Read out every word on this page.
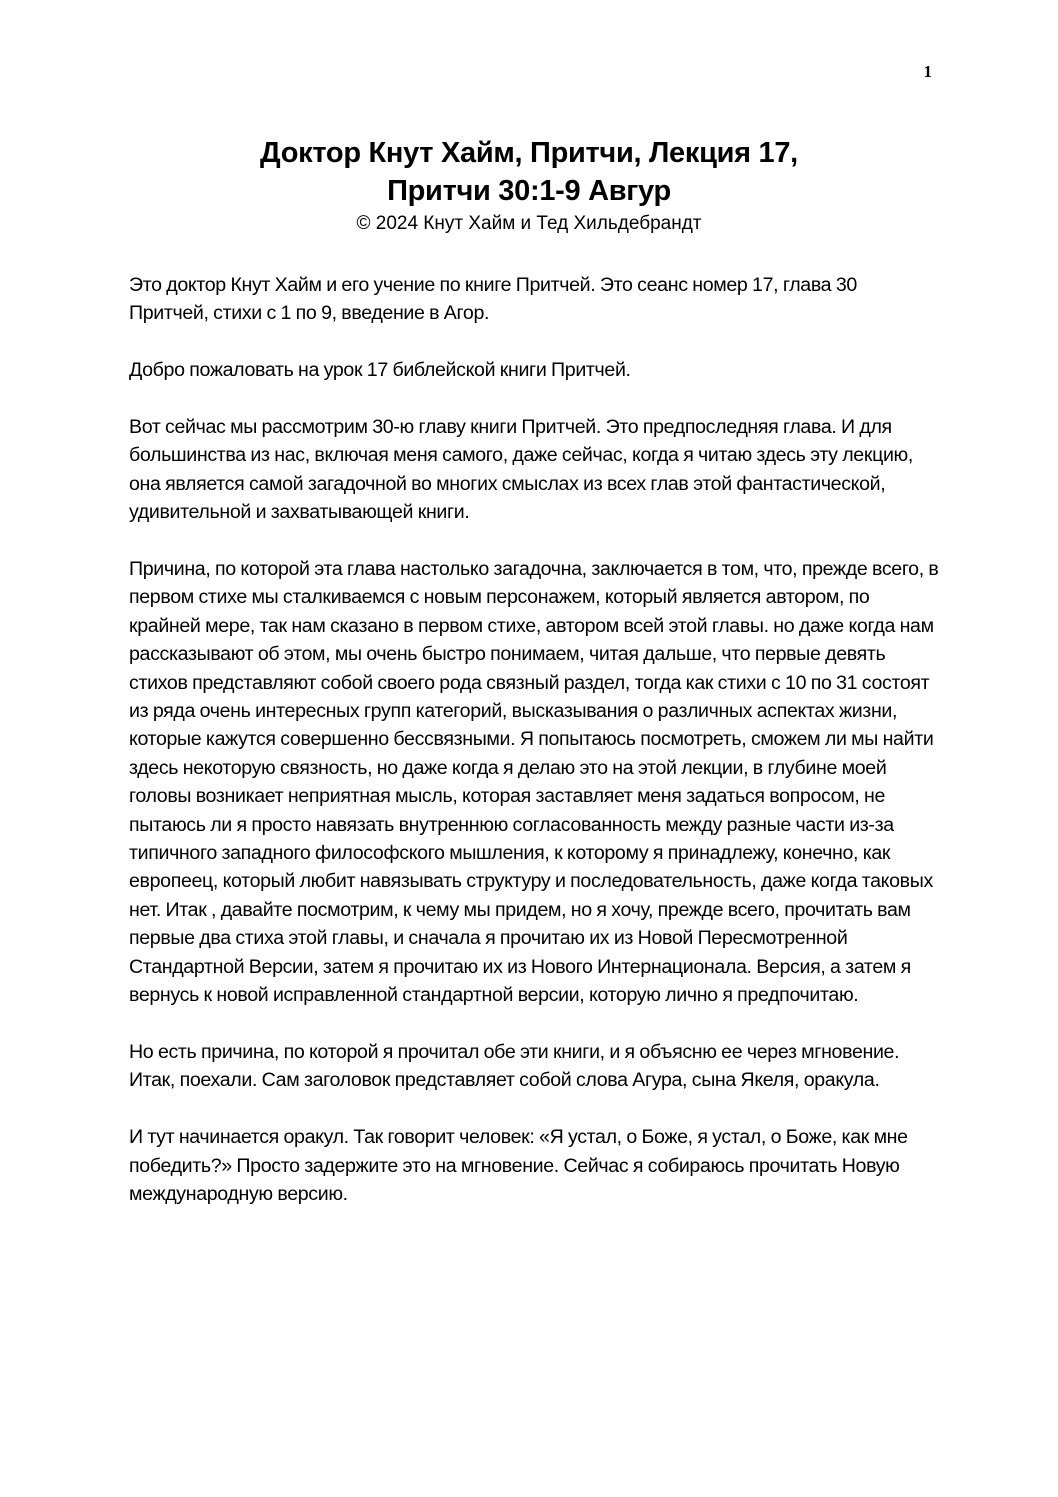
1
Доктор Кнут Хайм, Притчи, Лекция 17,
Притчи 30:1-9 Авгур
© 2024 Кнут Хайм и Тед Хильдебрандт

Это доктор Кнут Хайм и его учение по книге Притчей. Это сеанс номер 17, глава 30 Притчей, стихи с 1 по 9, введение в Агор.

Добро пожаловать на урок 17 библейской книги Притчей.

Вот сейчас мы рассмотрим 30-ю главу книги Притчей. Это предпоследняя глава. И для большинства из нас, включая меня самого, даже сейчас, когда я читаю здесь эту лекцию, она является самой загадочной во многих смыслах из всех глав этой фантастической, удивительной и захватывающей книги.

Причина, по которой эта глава настолько загадочна, заключается в том, что, прежде всего, в первом стихе мы сталкиваемся с новым персонажем, который является автором, по крайней мере, так нам сказано в первом стихе, автором всей этой главы. но даже когда нам рассказывают об этом, мы очень быстро понимаем, читая дальше, что первые девять стихов представляют собой своего рода связный раздел, тогда как стихи с 10 по 31 состоят из ряда очень интересных групп категорий, высказывания о различных аспектах жизни, которые кажутся совершенно бессвязными. Я попытаюсь посмотреть, сможем ли мы найти здесь некоторую связность, но даже когда я делаю это на этой лекции, в глубине моей головы возникает неприятная мысль, которая заставляет меня задаться вопросом, не пытаюсь ли я просто навязать внутреннюю согласованность между разные части из-за типичного западного философского мышления, к которому я принадлежу, конечно, как европеец, который любит навязывать структуру и последовательность, даже когда таковых нет. Итак , давайте посмотрим, к чему мы придем, но я хочу, прежде всего, прочитать вам первые два стиха этой главы, и сначала я прочитаю их из Новой Пересмотренной Стандартной Версии, затем я прочитаю их из Нового Интернационала. Версия, а затем я вернусь к новой исправленной стандартной версии, которую лично я предпочитаю.

Но есть причина, по которой я прочитал обе эти книги, и я объясню ее через мгновение. Итак, поехали. Сам заголовок представляет собой слова Агура, сына Якеля, оракула.

И тут начинается оракул. Так говорит человек: «Я устал, о Боже, я устал, о Боже, как мне победить?» Просто задержите это на мгновение. Сейчас я собираюсь прочитать Новую международную версию.
